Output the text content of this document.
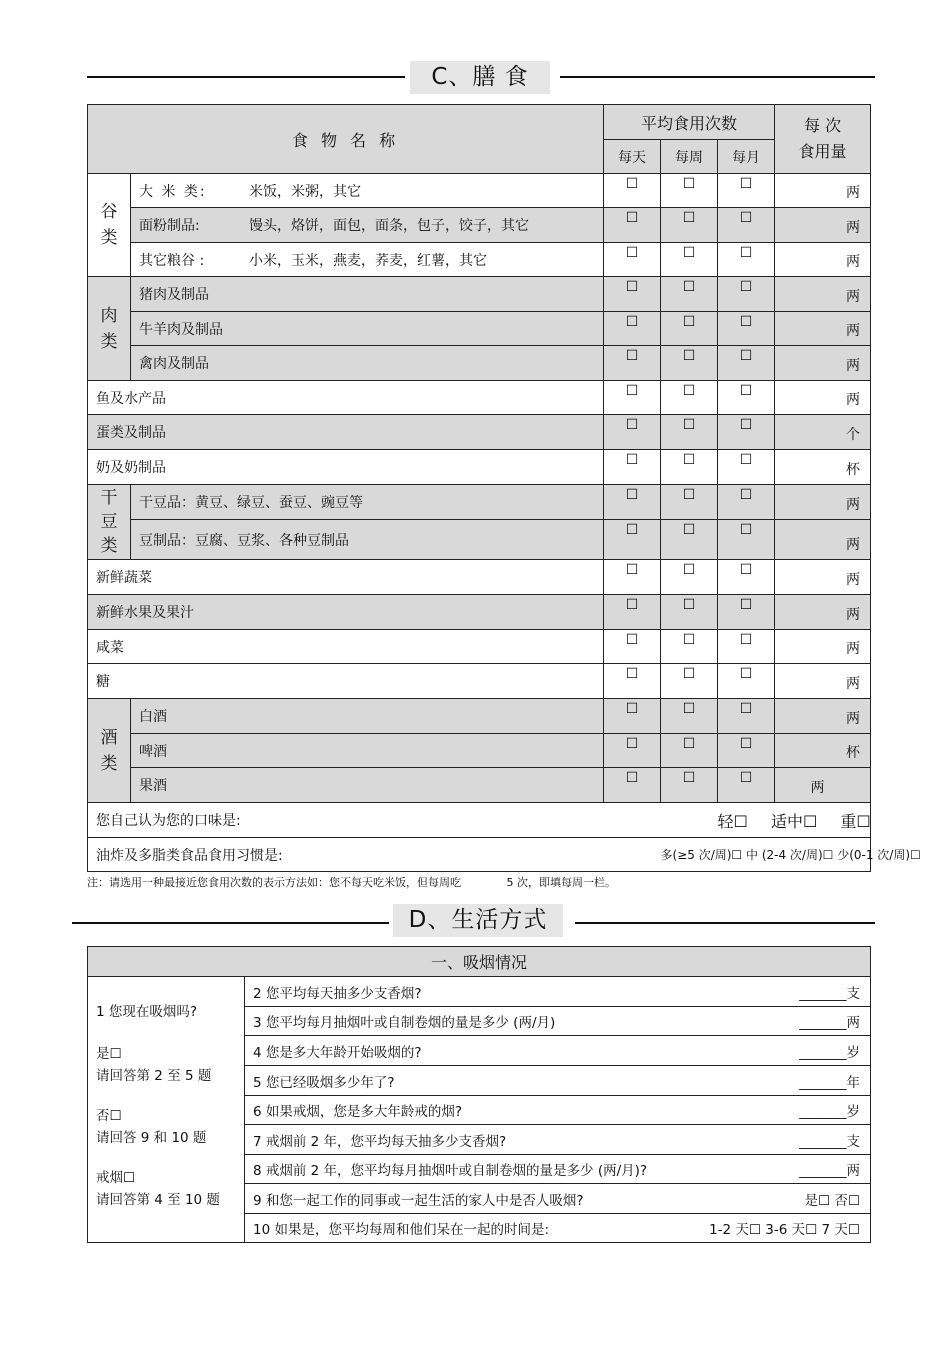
C、膳 食
食 物 名 称		平均食用次数			每 次
食用量

		每天	每周	每月	

谷
类	大 米 类: 米饭，米粥，其它	☐	☐	☐	两
	面粉制品: 馒头，烙饼，面包，面条，包子，饺子，其它	☐	☐	☐	两
	其它粮谷 : 小米，玉米，燕麦，荞麦，红薯，其它	☐	☐	☐	两

肉
类	猪肉及制品	☐	☐	☐	两
	牛羊肉及制品	☐	☐	☐	两
	禽肉及制品	☐	☐	☐	两
鱼及水产品		☐	☐	☐	两
蛋类及制品		☐	☐	☐	个
奶及奶制品		☐	☐	☐	杯

干
豆
类	干豆品：黄豆、绿豆、蚕豆、豌豆等	☐	☐	☐	两
	豆制品：豆腐、豆浆、各种豆制品	☐	☐	☐	两
新鲜蔬菜		☐	☐	☐	两
新鲜水果及果汁		☐	☐	☐	两
咸菜		☐	☐	☐	两
糖		☐	☐	☐	两

酒
类	白酒	☐	☐	☐	两
	啤酒	☐	☐	☐	杯
	果酒	☐	☐	☐	两
您自己认为您的口味是:				轻☐ 适中☐ 重☐	
油炸及多脂类食品食用习惯是:			多(≥5 次/周)☐ 中 (2-4 次/周)☐ 少(0-1 次/周)☐		
注：请选用一种最接近您食用次数的表示方法如：您不每天吃米饭，但每周吃             5 次，即填每周一栏。
D、生活方式
一、吸烟情况

1 您现在吸烟吗?
是☐
请回答第 2 至 5 题
否☐
请回答 9 和 10 题
戒烟☐
请回答第 4 至 10 题
	2 您平均每天抽多少支香烟?	_______支

3 您平均每月抽烟叶或自制卷烟的量是多少 (两/月)	_______两

4 您是多大年龄开始吸烟的?	_______岁

5 您已经吸烟多少年了?	_______年

6 如果戒烟，您是多大年龄戒的烟?	_______岁

7 戒烟前 2 年，您平均每天抽多少支香烟?	_______支

8 戒烟前 2 年，您平均每月抽烟叶或自制卷烟的量是多少 (两/月)?	_______两

9 和您一起工作的同事或一起生活的家人中是否人吸烟?	是☐ 否☐

10 如果是，您平均每周和他们呆在一起的时间是:	1-2 天☐ 3-6 天☐ 7 天☐
